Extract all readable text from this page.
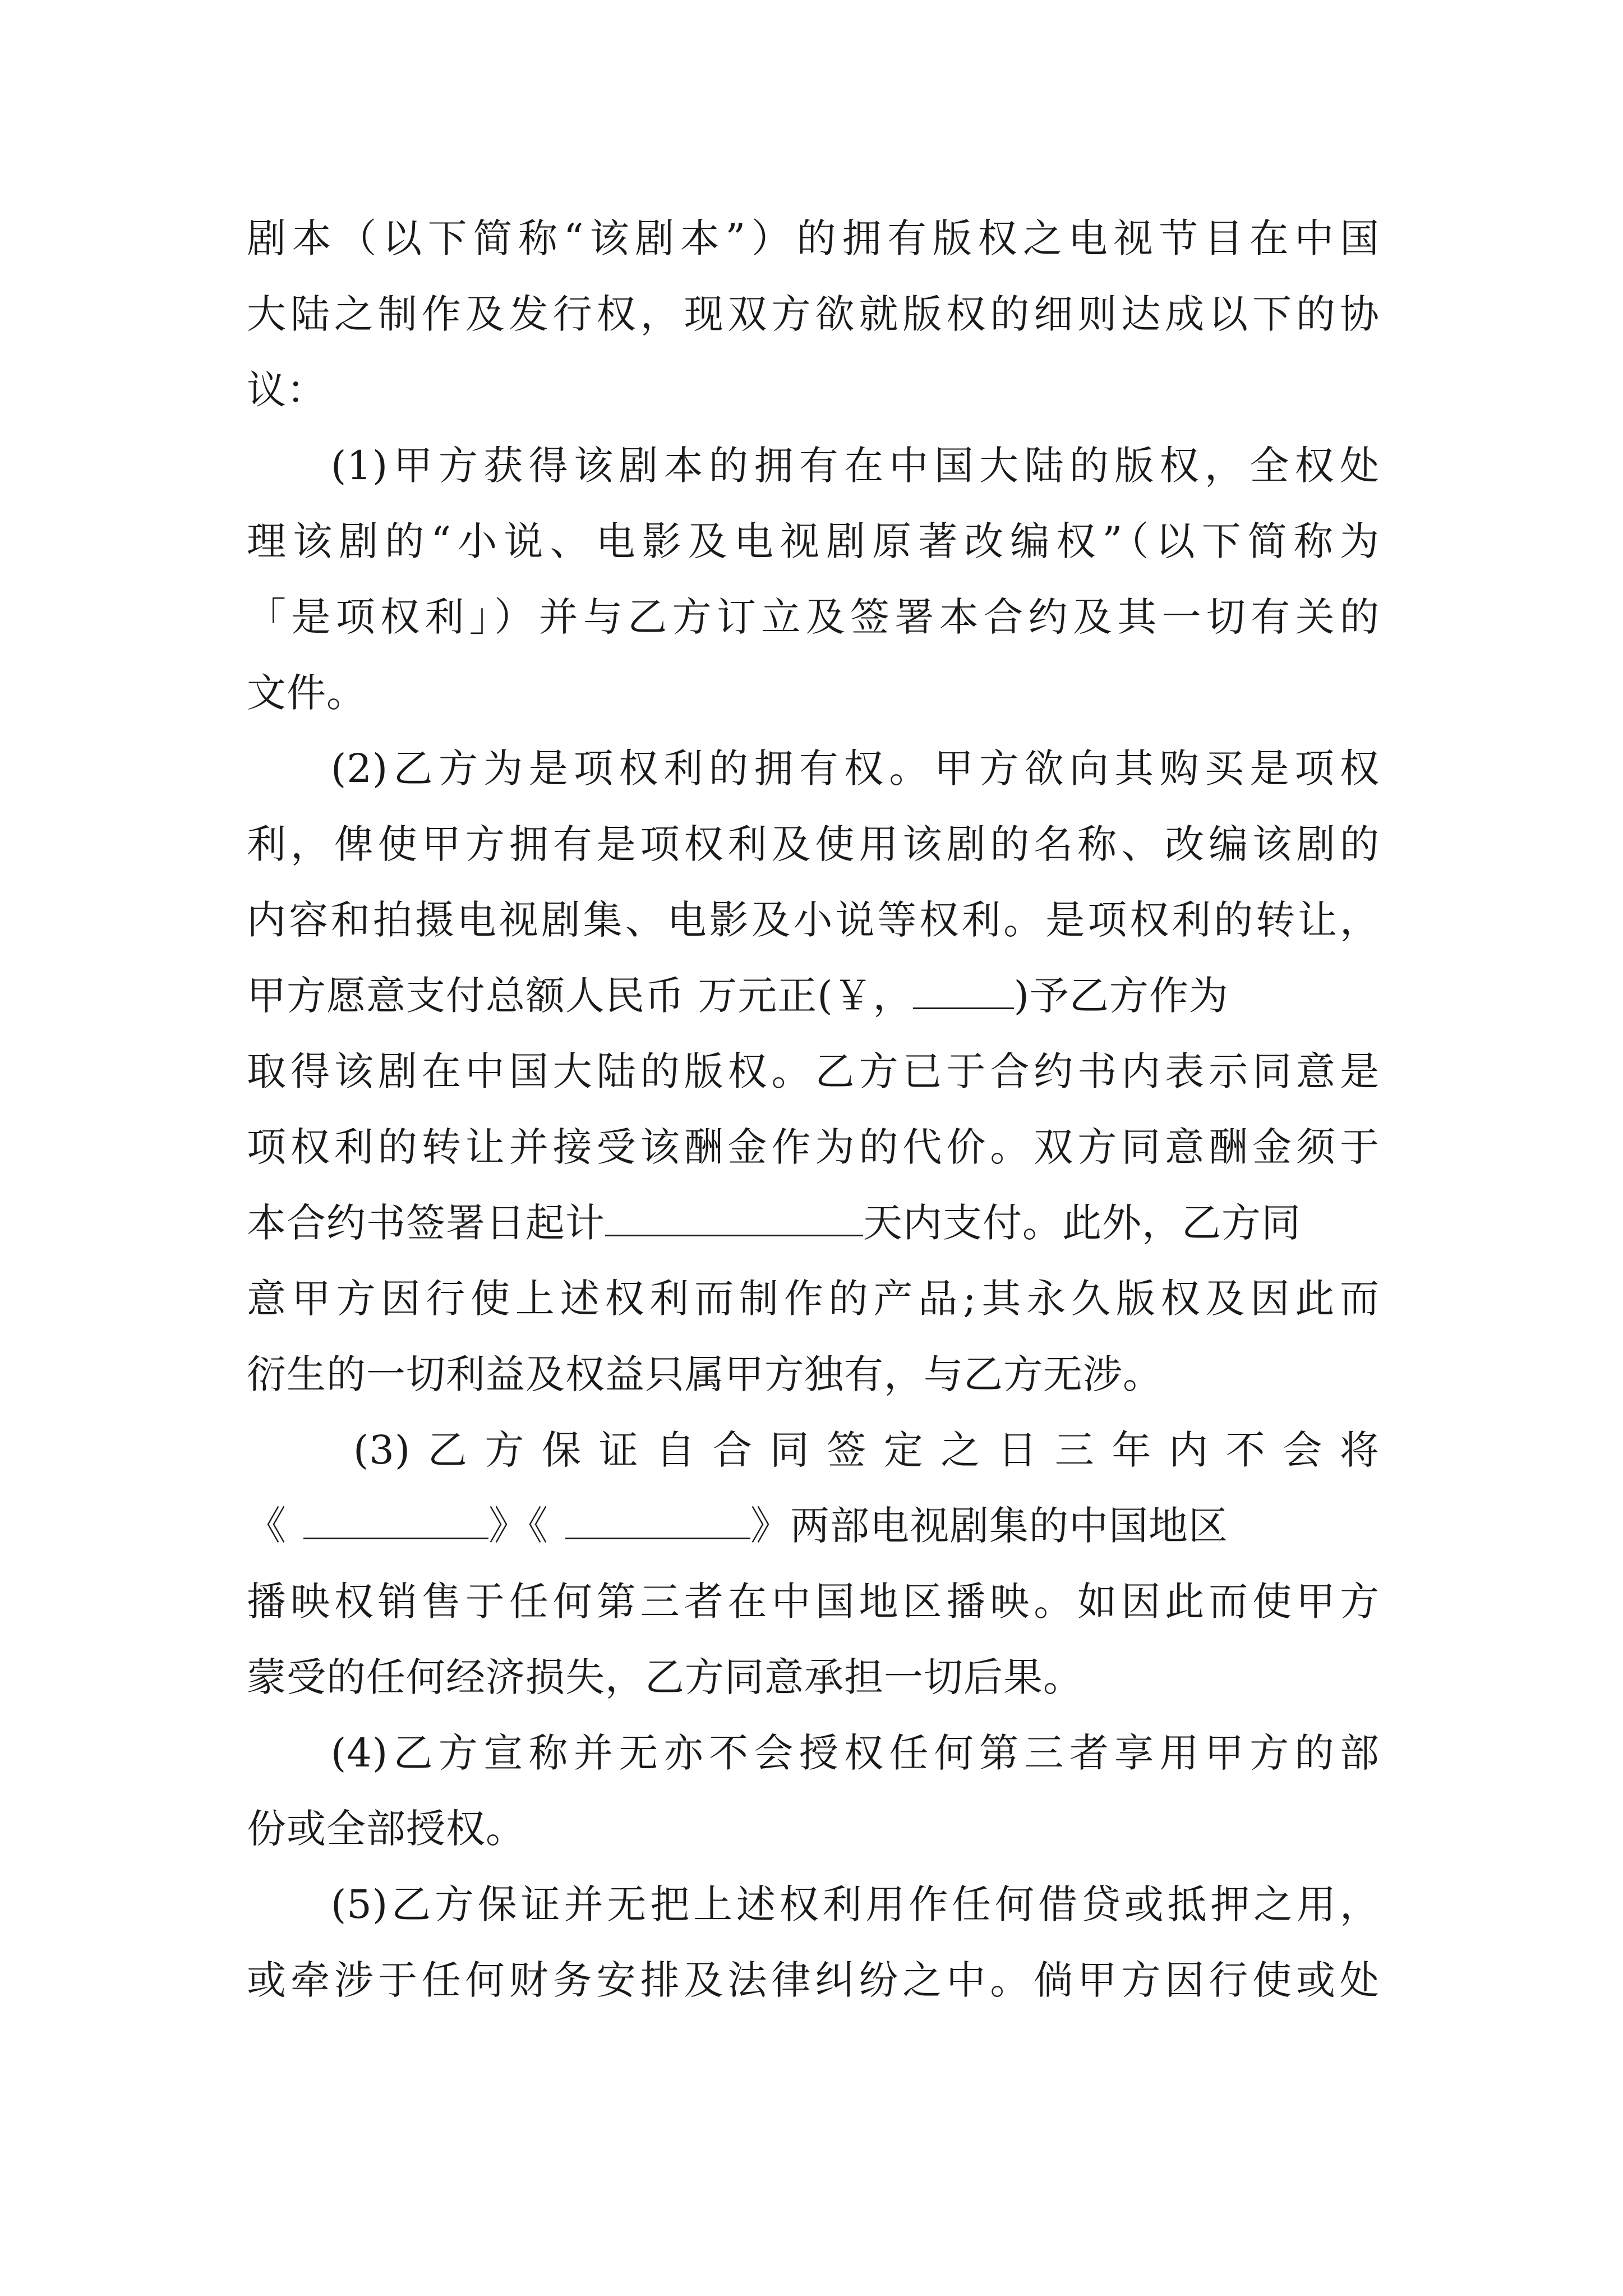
剧本（以下简称“该剧本”）的拥有版权之电视节目在中国

大陆之制作及发行权，现双方欲就版权的细则达成以下的协

议：

(1)甲方获得该剧本的拥有在中国大陆的版权，全权处

理该剧的“小说、电影及电视剧原著改编权”（以下简称为

「是项权利」）并与乙方订立及签署本合约及其一切有关的

文件。

(2)乙方为是项权利的拥有权。甲方欲向其购买是项权

利，俾使甲方拥有是项权利及使用该剧的名称、改编该剧的

内容和拍摄电视剧集、电影及小说等权利。是项权利的转让，

甲方愿意支付总额人民币 万元正(￥，	)予乙方作为

取得该剧在中国大陆的版权。乙方已于合约书内表示同意是

项权利的转让并接受该酬金作为的代价。双方同意酬金须于

本合约书签署日起计	天内支付。此外，乙方同

意甲方因行使上述权利而制作的产品;其永久版权及因此而

衍生的一切利益及权益只属甲方独有，与乙方无涉。

(3)乙方保证自合同签定之日三年内不会将

《	》《	》两部电视剧集的中国地区

播映权销售于任何第三者在中国地区播映。如因此而使甲方

蒙受的任何经济损失，乙方同意承担一切后果。

(4)乙方宣称并无亦不会授权任何第三者享用甲方的部

份或全部授权。

(5)乙方保证并无把上述权利用作任何借贷或抵押之用，

或牵涉于任何财务安排及法律纠纷之中。倘甲方因行使或处
